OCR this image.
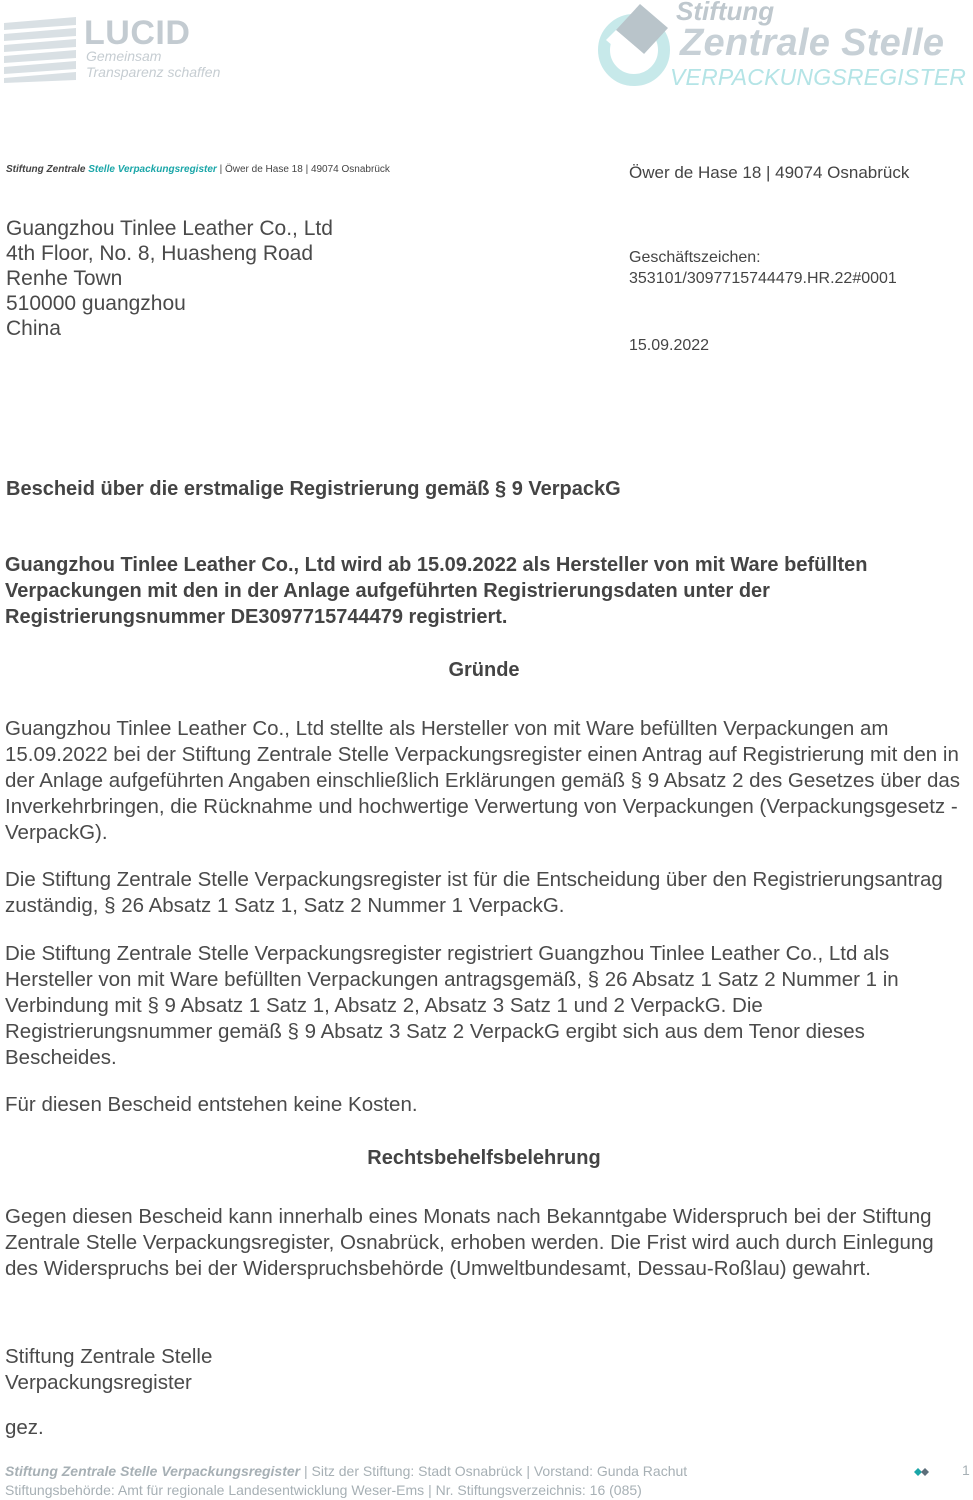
LUCID
Gemeinsam
Transparenz schaffen
Stiftung
Zentrale Stelle
VERPACKUNGSREGISTER
Stiftung Zentrale Stelle Verpackungsregister | Öwer de Hase 18 | 49074 Osnabrück	Öwer de Hase 18 | 49074 Osnabrück
Guangzhou Tinlee Leather Co., Ltd
4th Floor, No. 8, Huasheng Road
Renhe Town
510000 guangzhou
China
Geschäftszeichen:
353101/3097715744479.HR.22#0001
15.09.2022
Bescheid über die erstmalige Registrierung gemäß § 9 VerpackG
Guangzhou Tinlee Leather Co., Ltd wird ab 15.09.2022 als Hersteller von mit Ware befüllten Verpackungen mit den in der Anlage aufgeführten Registrierungsdaten unter der Registrierungsnummer DE3097715744479 registriert.
Gründe
Guangzhou Tinlee Leather Co., Ltd stellte als Hersteller von mit Ware befüllten Verpackungen am 15.09.2022 bei der Stiftung Zentrale Stelle Verpackungsregister einen Antrag auf Registrierung mit den in der Anlage aufgeführten Angaben einschließlich Erklärungen gemäß § 9 Absatz 2 des Gesetzes über das Inverkehrbringen, die Rücknahme und hochwertige Verwertung von Verpackungen (Verpackungsgesetz - VerpackG).
Die Stiftung Zentrale Stelle Verpackungsregister ist für die Entscheidung über den Registrierungsantrag zuständig, § 26 Absatz 1 Satz 1, Satz 2 Nummer 1 VerpackG.
Die Stiftung Zentrale Stelle Verpackungsregister registriert Guangzhou Tinlee Leather Co., Ltd als Hersteller von mit Ware befüllten Verpackungen antragsgemäß, § 26 Absatz 1 Satz 2 Nummer 1 in Verbindung mit § 9 Absatz 1 Satz 1, Absatz 2, Absatz 3 Satz 1 und 2 VerpackG. Die Registrierungsnummer gemäß § 9 Absatz 3 Satz 2 VerpackG ergibt sich aus dem Tenor dieses Bescheides.
Für diesen Bescheid entstehen keine Kosten.
Rechtsbehelfsbelehrung
Gegen diesen Bescheid kann innerhalb eines Monats nach Bekanntgabe Widerspruch bei der Stiftung Zentrale Stelle Verpackungsregister, Osnabrück, erhoben werden. Die Frist wird auch durch Einlegung des Widerspruchs bei der Widerspruchsbehörde (Umweltbundesamt, Dessau-Roßlau) gewahrt.
Stiftung Zentrale Stelle
Verpackungsregister
gez.
Stiftung Zentrale Stelle Verpackungsregister | Sitz der Stiftung: Stadt Osnabrück | Vorstand: Gunda Rachut
Stiftungsbehörde: Amt für regionale Landesentwicklung Weser-Ems | Nr. Stiftungsverzeichnis: 16 (085)
1
